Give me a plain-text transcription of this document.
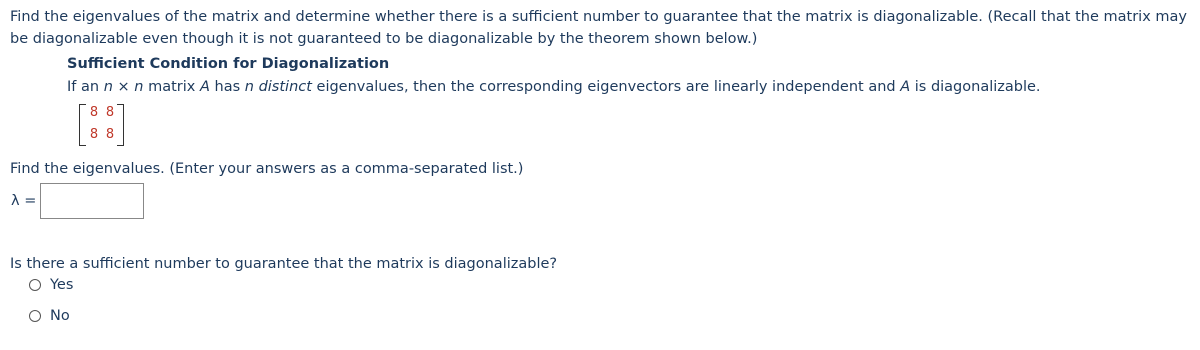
Find the eigenvalues of the matrix and determine whether there is a sufficient number to guarantee that the matrix is diagonalizable. (Recall that the matrix may be diagonalizable even though it is not guaranteed to be diagonalizable by the theorem shown below.)
Sufficient Condition for Diagonalization
If an n × n matrix A has n distinct eigenvalues, then the corresponding eigenvectors are linearly independent and A is diagonalizable.
8 8
8 8
Find the eigenvalues. (Enter your answers as a comma-separated list.)
λ =
Is there a sufficient number to guarantee that the matrix is diagonalizable?
Yes
No
